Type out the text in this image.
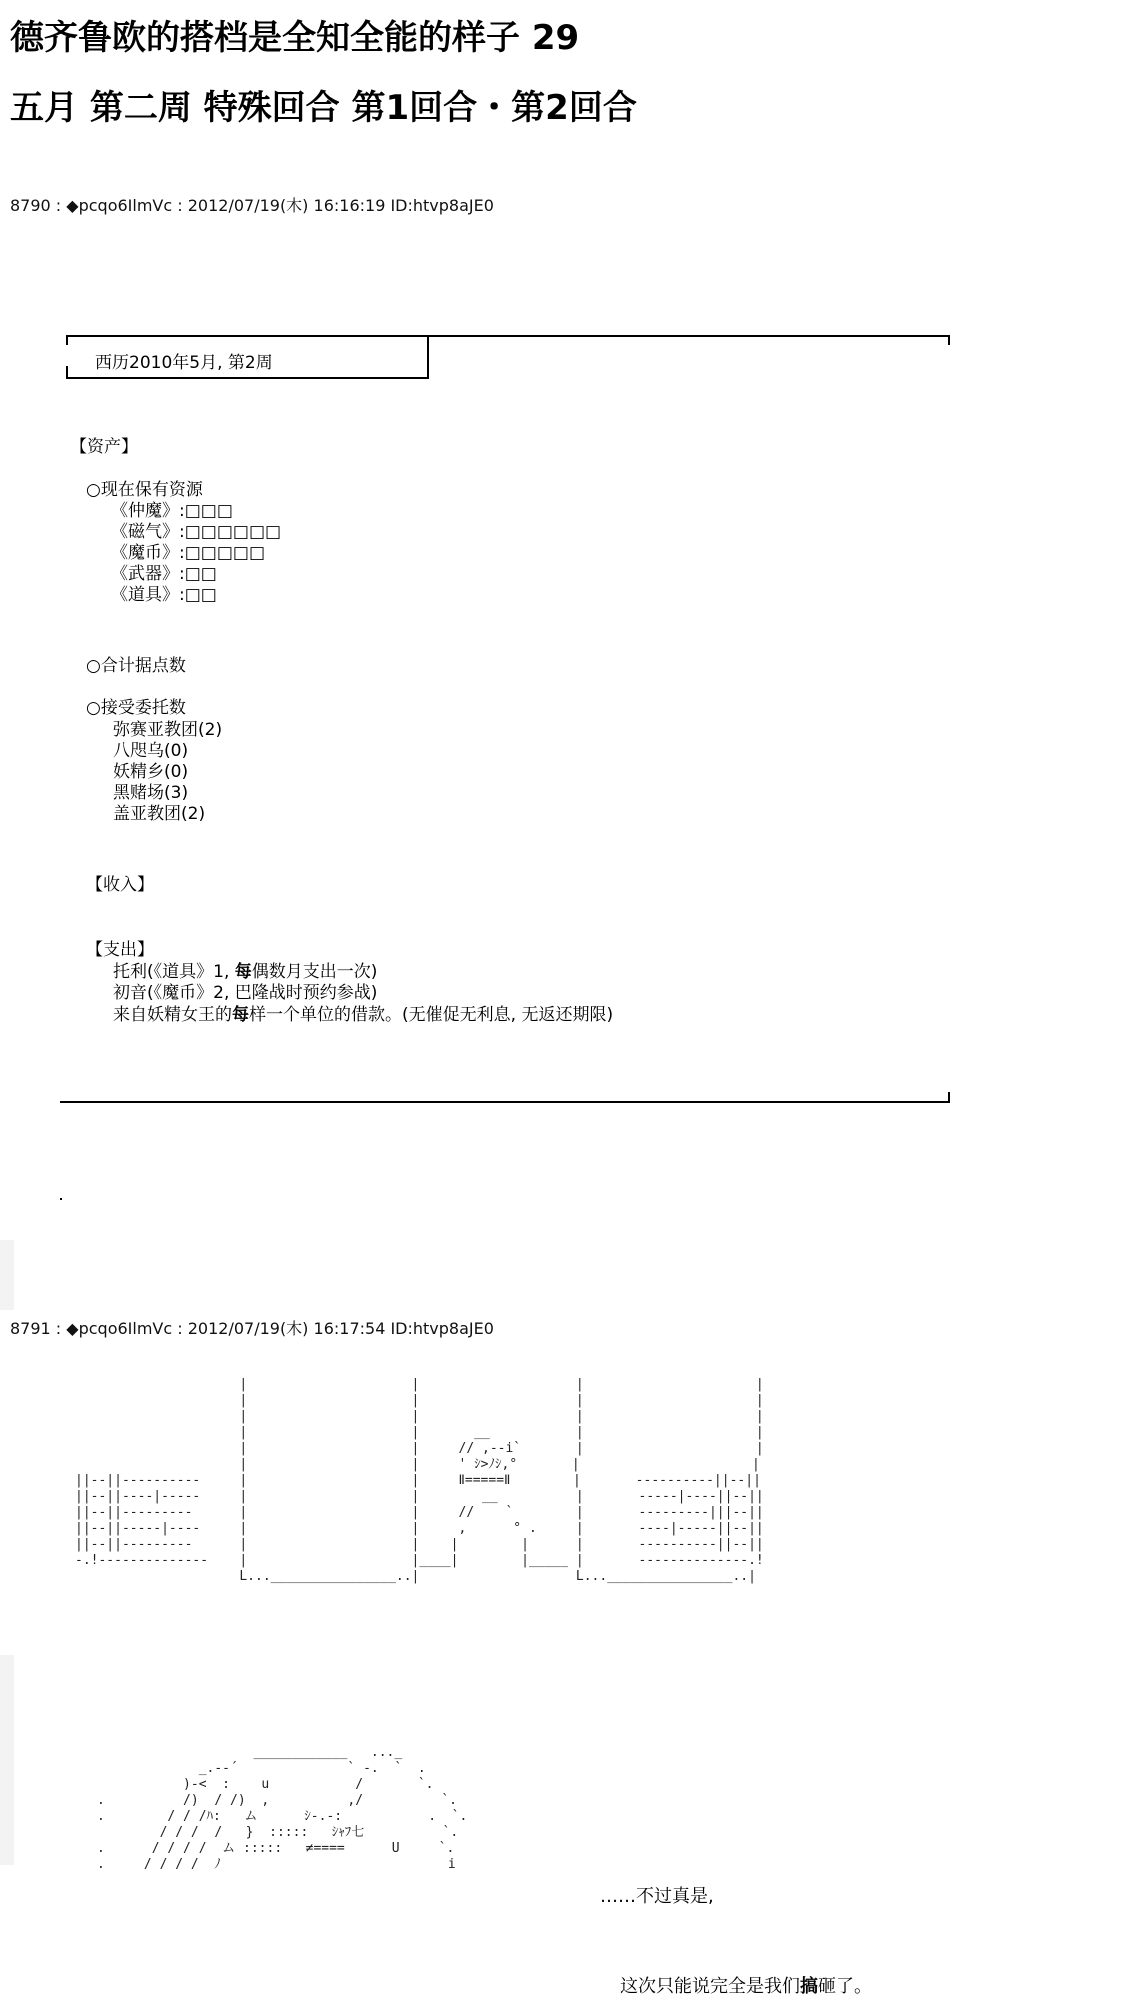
德齐鲁欧的搭档是全知全能的样子 29
五月 第二周 特殊回合 第1回合・第2回合
8790 : ◆pcqo6IlmVc : 2012/07/19(木) 16:16:19 ID:htvp8aJE0
西历2010年5月, 第2周
【资产】
○现在保有资源
《仲魔》:□□□
《磁气》:□□□□□□
《魔币》:□□□□□
《武器》:□□
《道具》:□□
○合计据点数
○接受委托数
弥赛亚教团(2)
八咫乌(0)
妖精乡(0)
黑赌场(3)
盖亚教团(2)
【收入】
【支出】
托利(《道具》1, 每偶数月支出一次)
初音(《魔币》2, 巴隆战时预约参战)
来自妖精女王的每样一个单位的借款。(无催促无利息, 无返还期限)
8791 : ◆pcqo6IlmVc : 2012/07/19(木) 16:17:54 ID:htvp8aJE0
|                     |                    |                      |
|                     |                    |                      |
|                     |                    |                      |
|                     |       __           |                      |
|                     |     // ,--i`       |                      |
|                     |     ' ｼ>ﾉｼ,°       |                      |
||--||----------     |                     |     Ⅱ=====Ⅱ        |       ----------||--||
||--||----|-----     |                     |        __          |       -----|----||--||
||--||---------      |                     |     //    `        |       ---------|||--||
||--||-----|----     |                     |     ,      ° .     |       ----|-----||--||
||--||---------      |                     |    |        |      |       ----------||--||
-.!--------------    |                     |____|        |_____ |       --------------.!
L...________________..|                    L...________________..|
____________   ..._
_.-‐´              ` ‐.  `  .
)-<  :    u           /       `.
.          /)  / /)  ,          ,/          `.
.        / / /ﾊ:   ム      ｼ-.-:           .  `.
/ / /  /   }  :::::   ｼｬﾌ七          `.
.      / / / /  ム :::::   ≠====      U     `.
.     / / / /  ﾉ                             i
……不过真是,
这次只能说完全是我们搞砸了。
